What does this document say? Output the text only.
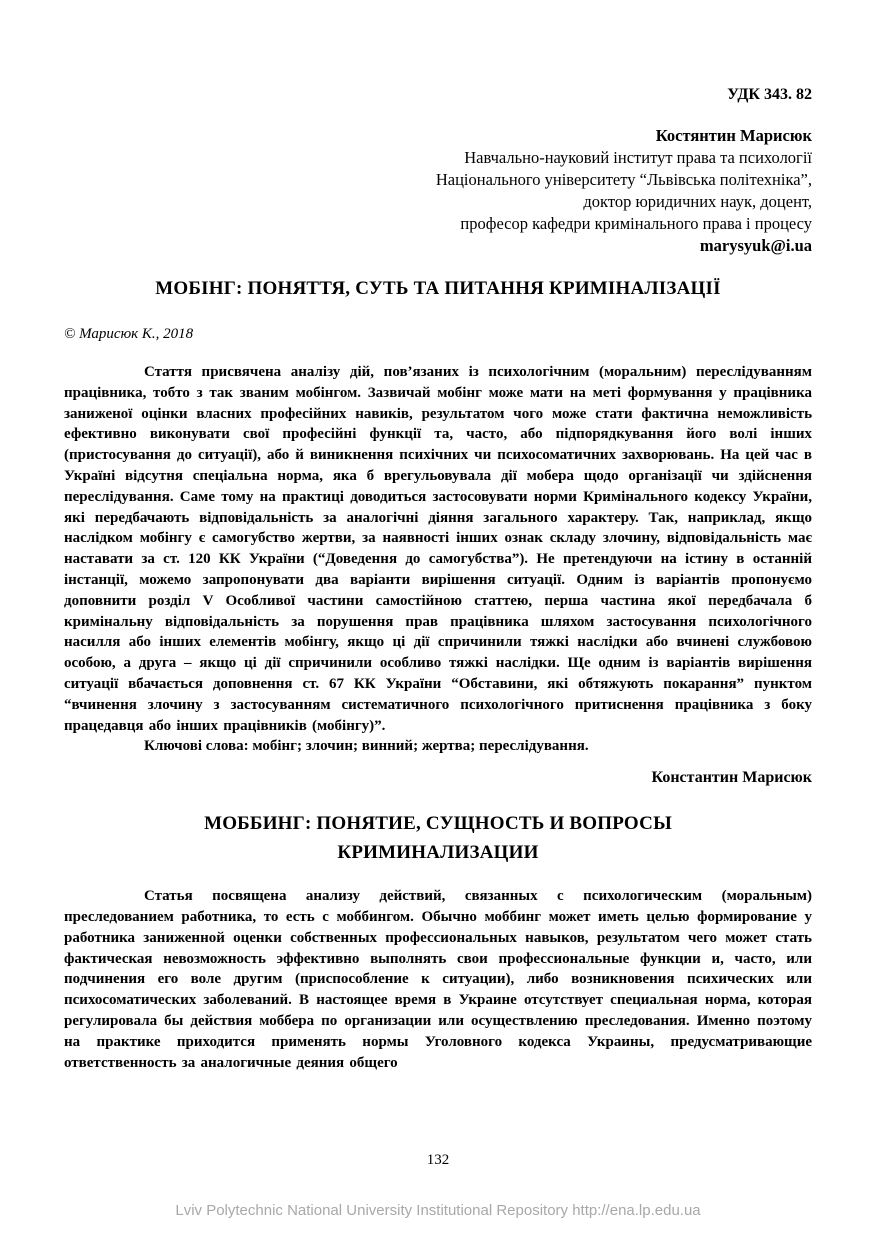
УДК 343. 82
Костянтин Марисюк
Навчально-науковий інститут права та психології
Національного університету “Львівська політехніка”,
доктор юридичних наук, доцент,
професор кафедри кримінального права і процесу
marysyuk@i.ua
МОБІНГ: ПОНЯТТЯ, СУТЬ ТА ПИТАННЯ КРИМІНАЛІЗАЦІЇ
© Марисюк К., 2018

Стаття присвячена аналізу дій, пов’язаних із психологічним (моральним) переслідуванням працівника, тобто з так званим мобінгом. Зазвичай мобінг може мати на меті формування у працівника заниженої оцінки власних професійних навиків, результатом чого може стати фактична неможливість ефективно виконувати свої професійні функції та, часто, або підпорядкування його волі інших (пристосування до ситуації), або й виникнення психічних чи психосоматичних захворювань. На цей час в Україні відсутня спеціальна норма, яка б врегульовувала дії мобера щодо організації чи здійснення переслідування. Саме тому на практиці доводиться застосовувати норми Кримінального кодексу України, які передбачають відповідальність за аналогічні діяння загального характеру. Так, наприклад, якщо наслідком мобінгу є самогубство жертви, за наявності інших ознак складу злочину, відповідальність має наставати за ст. 120 КК України (“Доведення до самогубства”). Не претендуючи на істину в останній інстанції, можемо запропонувати два варіанти вирішення ситуації. Одним із варіантів пропонуємо доповнити розділ V Особливої частини самостійною статтею, перша частина якої передбачала б кримінальну відповідальність за порушення прав працівника шляхом застосування психологічного насилля або інших елементів мобінгу, якщо ці дії спричинили тяжкі наслідки або вчинені службовою особою, а друга – якщо ці дії спричинили особливо тяжкі наслідки. Ще одним із варіантів вирішення ситуації вбачається доповнення ст. 67 КК України “Обставини, які обтяжують покарання” пунктом “вчинення злочину з застосуванням систематичного психологічного притиснення працівника з боку працедавця або інших працівників (мобінгу)”.

Ключові слова: мобінг; злочин; винний; жертва; переслідування.

Константин Марисюк
МОББИНГ: ПОНЯТИЕ, СУЩНОСТЬ И ВОПРОСЫ
КРИМИНАЛИЗАЦИИ

Статья посвящена анализу действий, связанных с психологическим (моральным) преследованием работника, то есть с моббингом. Обычно моббинг может иметь целью формирование у работника заниженной оценки собственных профессиональных навыков, результатом чего может стать фактическая невозможность эффективно выполнять свои профессиональные функции и, часто, или подчинения его воле другим (приспособление к ситуации), либо возникновения психических или психосоматических заболеваний. В настоящее время в Украине отсутствует специальная норма, которая регулировала бы действия моббера по организации или осуществлению преследования. Именно поэтому на практике приходится применять нормы Уголовного кодекса Украины, предусматривающие ответственность за аналогичные деяния общего

132
Lviv Polytechnic National University Institutional Repository http://ena.lp.edu.ua
